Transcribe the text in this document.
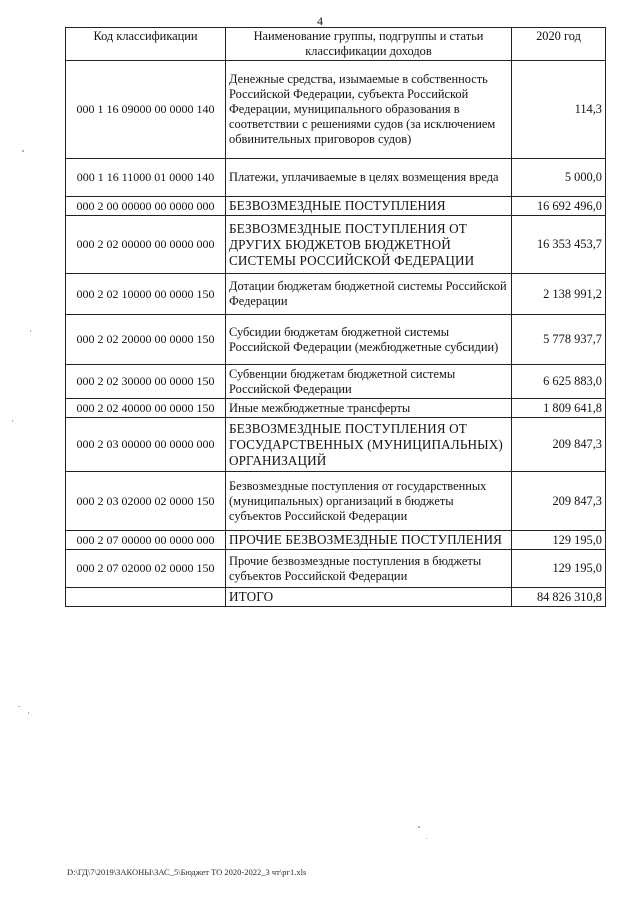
4
Код классификации	Наименование группы, подгруппы и статьи классификации доходов	2020 год
000 1 16 09000 00 0000 140	Денежные средства, изымаемые в собственность Российской Федерации, субъекта Российской Федерации, муниципального образования в соответствии с решениями судов (за исключением обвинительных приговоров судов)	114,3
000 1 16 11000 01 0000 140	Платежи, уплачиваемые в целях возмещения вреда	5 000,0
000 2 00 00000 00 0000 000	БЕЗВОЗМЕЗДНЫЕ ПОСТУПЛЕНИЯ	16 692 496,0
000 2 02 00000 00 0000 000	БЕЗВОЗМЕЗДНЫЕ ПОСТУПЛЕНИЯ ОТ ДРУГИХ БЮДЖЕТОВ БЮДЖЕТНОЙ СИСТЕМЫ РОССИЙСКОЙ ФЕДЕРАЦИИ	16 353 453,7
000 2 02 10000 00 0000 150	Дотации бюджетам бюджетной системы Российской Федерации	2 138 991,2
000 2 02 20000 00 0000 150	Субсидии бюджетам бюджетной системы Российской Федерации (межбюджетные субсидии)	5 778 937,7
000 2 02 30000 00 0000 150	Субвенции бюджетам бюджетной системы Российской Федерации	6 625 883,0
000 2 02 40000 00 0000 150	Иные межбюджетные трансферты	1 809 641,8
000 2 03 00000 00 0000 000	БЕЗВОЗМЕЗДНЫЕ ПОСТУПЛЕНИЯ ОТ ГОСУДАРСТВЕННЫХ (МУНИЦИПАЛЬНЫХ) ОРГАНИЗАЦИЙ	209 847,3
000 2 03 02000 02 0000 150	Безвозмездные поступления от государственных (муниципальных) организаций в бюджеты субъектов Российской Федерации	209 847,3
000 2 07 00000 00 0000 000	ПРОЧИЕ БЕЗВОЗМЕЗДНЫЕ ПОСТУПЛЕНИЯ	129 195,0
000 2 07 02000 02 0000 150	Прочие безвозмездные поступления в бюджеты субъектов Российской Федерации	129 195,0
	ИТОГО	84 826 310,8
D:\ГД\7\2019\ЗАКОНЫ\ЗАС_5\Бюджет ТО 2020-2022_3 чт\рг1.xls
